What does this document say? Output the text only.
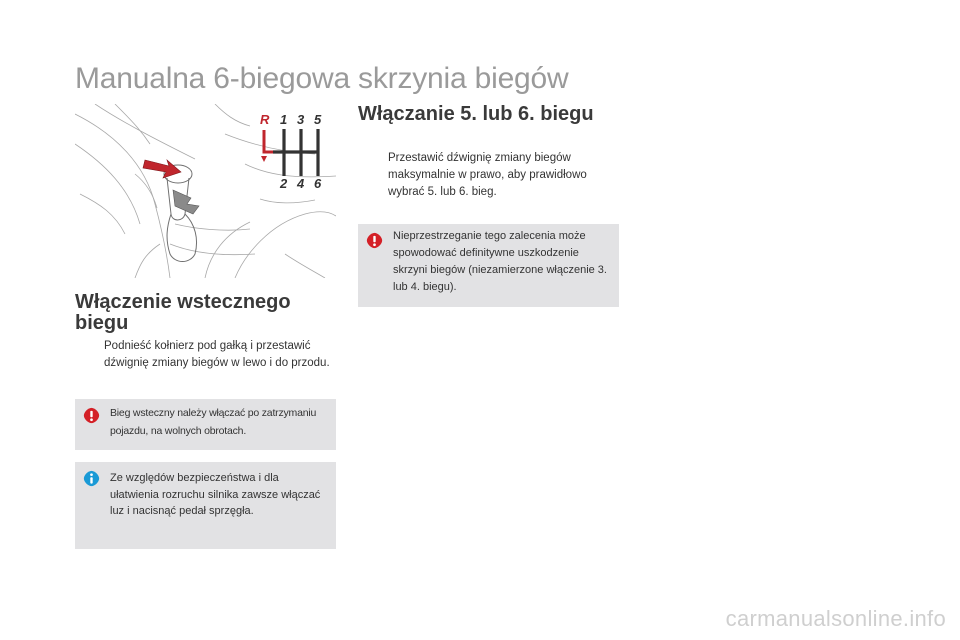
Manualna 6-biegowa skrzynia biegów
R 1 3 5
2 4 6
Włączenie wstecznego biegu
Podnieść kołnierz pod gałką i przestawić dźwignię zmiany biegów w lewo i do przodu.
Bieg wsteczny należy włączać po zatrzymaniu pojazdu, na wolnych obrotach.
Ze względów bezpieczeństwa i dla ułatwienia rozruchu silnika zawsze włączać luz i nacisnąć pedał sprzęgła.
Włączanie 5. lub 6. biegu
Przestawić dźwignię zmiany biegów maksymalnie w prawo, aby prawidłowo wybrać 5. lub 6. bieg.
Nieprzestrzeganie tego zalecenia może spowodować definitywne uszkodzenie skrzyni biegów (niezamierzone włączenie 3. lub 4. biegu).
carmanualsonline.info
